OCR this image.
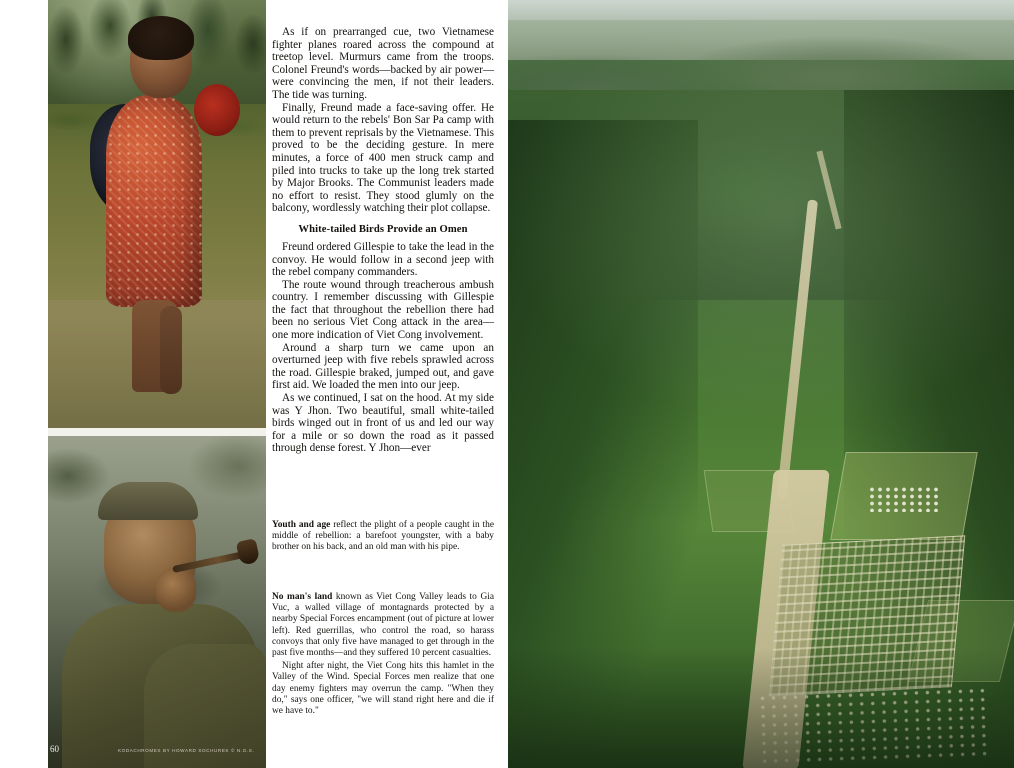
As if on prearranged cue, two Vietnamese fighter planes roared across the compound at treetop level. Murmurs came from the troops. Colonel Freund's words—backed by air power—were convincing the men, if not their leaders. The tide was turning.

Finally, Freund made a face-saving offer. He would return to the rebels' Bon Sar Pa camp with them to prevent reprisals by the Vietnamese. This proved to be the deciding gesture. In mere minutes, a force of 400 men struck camp and piled into trucks to take up the long trek started by Major Brooks. The Communist leaders made no effort to resist. They stood glumly on the balcony, wordlessly watching their plot collapse.

White-tailed Birds Provide an Omen

Freund ordered Gillespie to take the lead in the convoy. He would follow in a second jeep with the rebel company commanders.

The route wound through treacherous ambush country. I remember discussing with Gillespie the fact that throughout the rebellion there had been no serious Viet Cong attack in the area—one more indication of Viet Cong involvement.

Around a sharp turn we came upon an overturned jeep with five rebels sprawled across the road. Gillespie braked, jumped out, and gave first aid. We loaded the men into our jeep.

As we continued, I sat on the hood. At my side was Y Jhon. Two beautiful, small white-tailed birds winged out in front of us and led our way for a mile or so down the road as it passed through dense forest. Y Jhon—ever

Youth and age reflect the plight of a people caught in the middle of rebellion: a barefoot youngster, with a baby brother on his back, and an old man with his pipe.
No man's land known as Viet Cong Valley leads to Gia Vuc, a walled village of montagnards protected by a nearby Special Forces encampment (out of picture at lower left). Red guerrillas, who control the road, so harass convoys that only five have managed to get through in the past five months—and they suffered 10 percent casualties.
Night after night, the Viet Cong hits this hamlet in the Valley of the Wind. Special Forces men realize that one day enemy fighters may overrun the camp. "When they do," says one officer, "we will stand right here and die if we have to."
60	KODACHROMES BY HOWARD SOCHUREK © N.G.S.
